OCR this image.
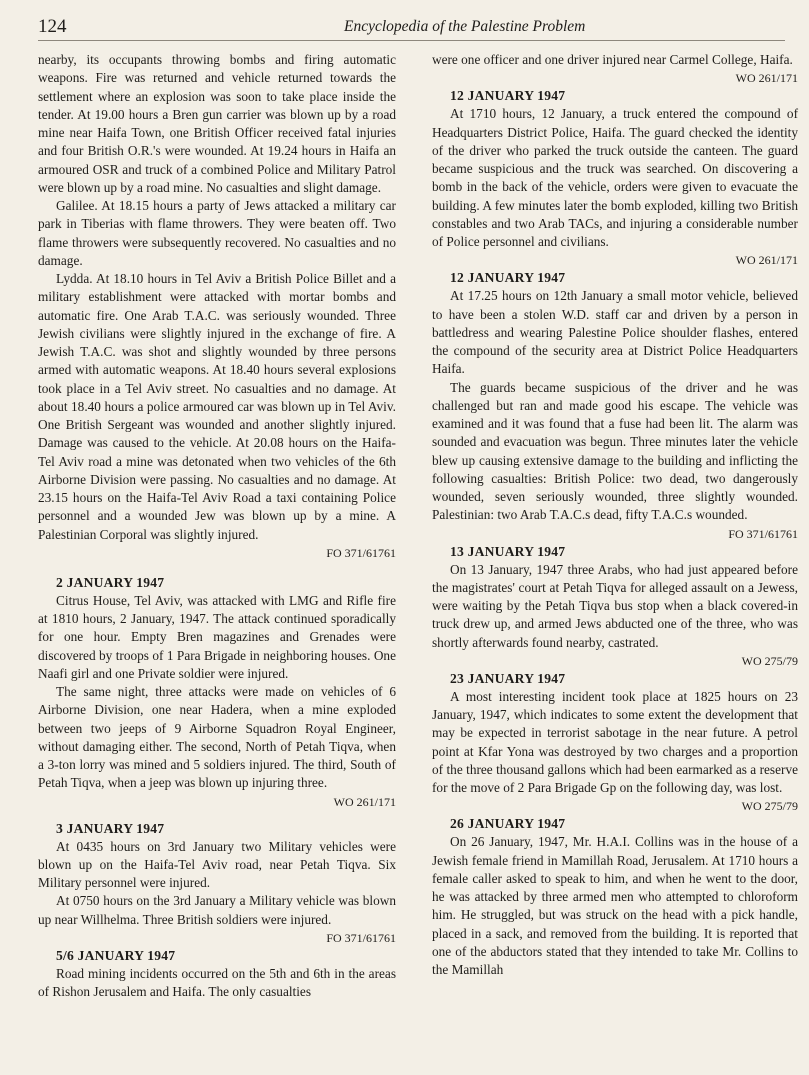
124	Encyclopedia of the Palestine Problem

nearby, its occupants throwing bombs and firing automatic weapons. Fire was returned and vehicle returned towards the settlement where an explosion was soon to take place inside the tender. At 19.00 hours a Bren gun carrier was blown up by a road mine near Haifa Town, one British Officer received fatal injuries and four British O.R.'s were wounded. At 19.24 hours in Haifa an armoured OSR and truck of a combined Police and Military Patrol were blown up by a road mine. No casualties and slight damage.

Galilee. At 18.15 hours a party of Jews attacked a military car park in Tiberias with flame throwers. They were beaten off. Two flame throwers were subsequently recovered. No casualties and no damage.

Lydda. At 18.10 hours in Tel Aviv a British Police Billet and a military establishment were attacked with mortar bombs and automatic fire. One Arab T.A.C. was seriously wounded. Three Jewish civilians were slightly injured in the exchange of fire. A Jewish T.A.C. was shot and slightly wounded by three persons armed with automatic weapons. At 18.40 hours several explosions took place in a Tel Aviv street. No casualties and no damage. At about 18.40 hours a police armoured car was blown up in Tel Aviv. One British Sergeant was wounded and another slightly injured. Damage was caused to the vehicle. At 20.08 hours on the Haifa-Tel Aviv road a mine was detonated when two vehicles of the 6th Airborne Division were passing. No casualties and no damage. At 23.15 hours on the Haifa-Tel Aviv Road a taxi containing Police personnel and a wounded Jew was blown up by a mine. A Palestinian Corporal was slightly injured.

FO 371/61761

2 JANUARY 1947

Citrus House, Tel Aviv, was attacked with LMG and Rifle fire at 1810 hours, 2 January, 1947. The attack continued sporadically for one hour. Empty Bren magazines and Grenades were discovered by troops of 1 Para Brigade in neighboring houses. One Naafi girl and one Private soldier were injured.

The same night, three attacks were made on vehicles of 6 Airborne Division, one near Hadera, when a mine exploded between two jeeps of 9 Airborne Squadron Royal Engineer, without damaging either. The second, North of Petah Tiqva, when a 3-ton lorry was mined and 5 soldiers injured. The third, South of Petah Tiqva, when a jeep was blown up injuring three.

WO 261/171

3 JANUARY 1947

At 0435 hours on 3rd January two Military vehicles were blown up on the Haifa-Tel Aviv road, near Petah Tiqva. Six Military personnel were injured.

At 0750 hours on the 3rd January a Military vehicle was blown up near Willhelma. Three British soldiers were injured.

FO 371/61761

5/6 JANUARY 1947

Road mining incidents occurred on the 5th and 6th in the areas of Rishon Jerusalem and Haifa. The only casualties

were one officer and one driver injured near Carmel College, Haifa.

WO 261/171

12 JANUARY 1947

At 1710 hours, 12 January, a truck entered the compound of Headquarters District Police, Haifa. The guard checked the identity of the driver who parked the truck outside the canteen. The guard became suspicious and the truck was searched. On discovering a bomb in the back of the vehicle, orders were given to evacuate the building. A few minutes later the bomb exploded, killing two British constables and two Arab TACs, and injuring a considerable number of Police personnel and civilians.

WO 261/171

12 JANUARY 1947

At 17.25 hours on 12th January a small motor vehicle, believed to have been a stolen W.D. staff car and driven by a person in battledress and wearing Palestine Police shoulder flashes, entered the compound of the security area at District Police Headquarters Haifa.

The guards became suspicious of the driver and he was challenged but ran and made good his escape. The vehicle was examined and it was found that a fuse had been lit. The alarm was sounded and evacuation was begun. Three minutes later the vehicle blew up causing extensive damage to the building and inflicting the following casualties: British Police: two dead, two dangerously wounded, seven seriously wounded, three slightly wounded. Palestinian: two Arab T.A.C.s dead, fifty T.A.C.s wounded.

FO 371/61761

13 JANUARY 1947

On 13 January, 1947 three Arabs, who had just appeared before the magistrates' court at Petah Tiqva for alleged assault on a Jewess, were waiting by the Petah Tiqva bus stop when a black covered-in truck drew up, and armed Jews abducted one of the three, who was shortly afterwards found nearby, castrated.

WO 275/79

23 JANUARY 1947

A most interesting incident took place at 1825 hours on 23 January, 1947, which indicates to some extent the development that may be expected in terrorist sabotage in the near future. A petrol point at Kfar Yona was destroyed by two charges and a proportion of the three thousand gallons which had been earmarked as a reserve for the move of 2 Para Brigade Gp on the following day, was lost.

WO 275/79

26 JANUARY 1947

On 26 January, 1947, Mr. H.A.I. Collins was in the house of a Jewish female friend in Mamillah Road, Jerusalem. At 1710 hours a female caller asked to speak to him, and when he went to the door, he was attacked by three armed men who attempted to chloroform him. He struggled, but was struck on the head with a pick handle, placed in a sack, and removed from the building. It is reported that one of the abductors stated that they intended to take Mr. Collins to the Mamillah
